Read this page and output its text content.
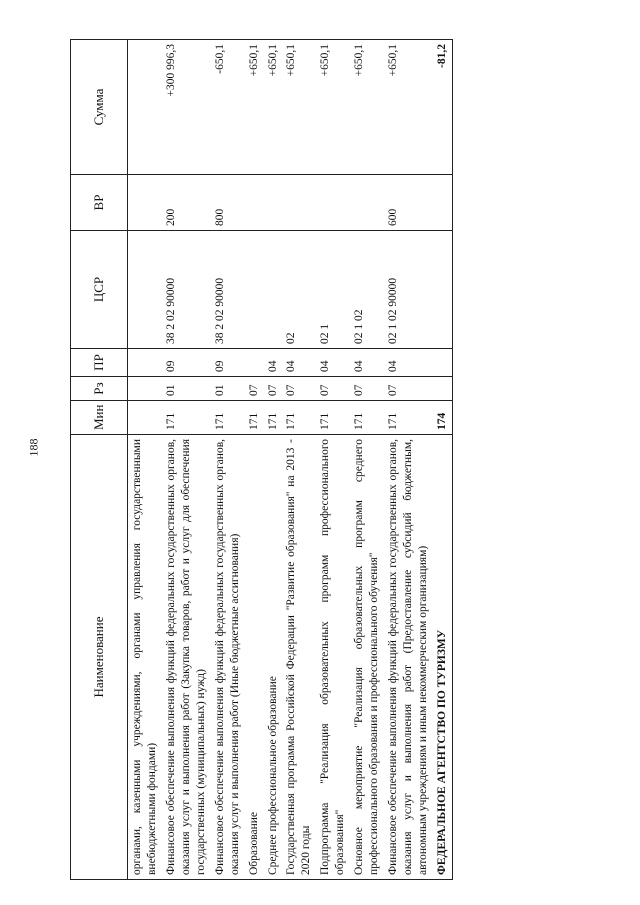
188
Наименование	Мин	Рз	ПР	ЦСР	ВР	Сумма
органами, казенными учреждениями, органами управления государственными внебюджетными фондами)						
Финансовое обеспечение выполнения функций федеральных государственных органов, оказания услуг и выполнения работ (Закупка товаров, работ и услуг для обеспечения государственных (муниципальных) нужд)	171	01	09	38 2 02 90000	200	+300 996,3
Финансовое обеспечение выполнения функций федеральных государственных органов, оказания услуг и выполнения работ (Иные бюджетные ассигнования)	171	01	09	38 2 02 90000	800	-650,1
Образование	171	07				+650,1
Среднее профессиональное образование	171	07	04			+650,1
Государственная программа Российской Федерации "Развитие образования" на 2013 - 2020 годы	171	07	04	02		+650,1
Подпрограмма "Реализация образовательных программ профессионального образования"	171	07	04	02 1		+650,1
Основное мероприятие "Реализация образовательных программ среднего профессионального образования и профессионального обучения"	171	07	04	02 1 02		+650,1
Финансовое обеспечение выполнения функций федеральных государственных органов, оказания услуг и выполнения работ (Предоставление субсидий бюджетным, автономным учреждениям и иным некоммерческим организациям)	171	07	04	02 1 02 90000	600	+650,1
ФЕДЕРАЛЬНОЕ АГЕНТСТВО ПО ТУРИЗМУ	174					-81,2
